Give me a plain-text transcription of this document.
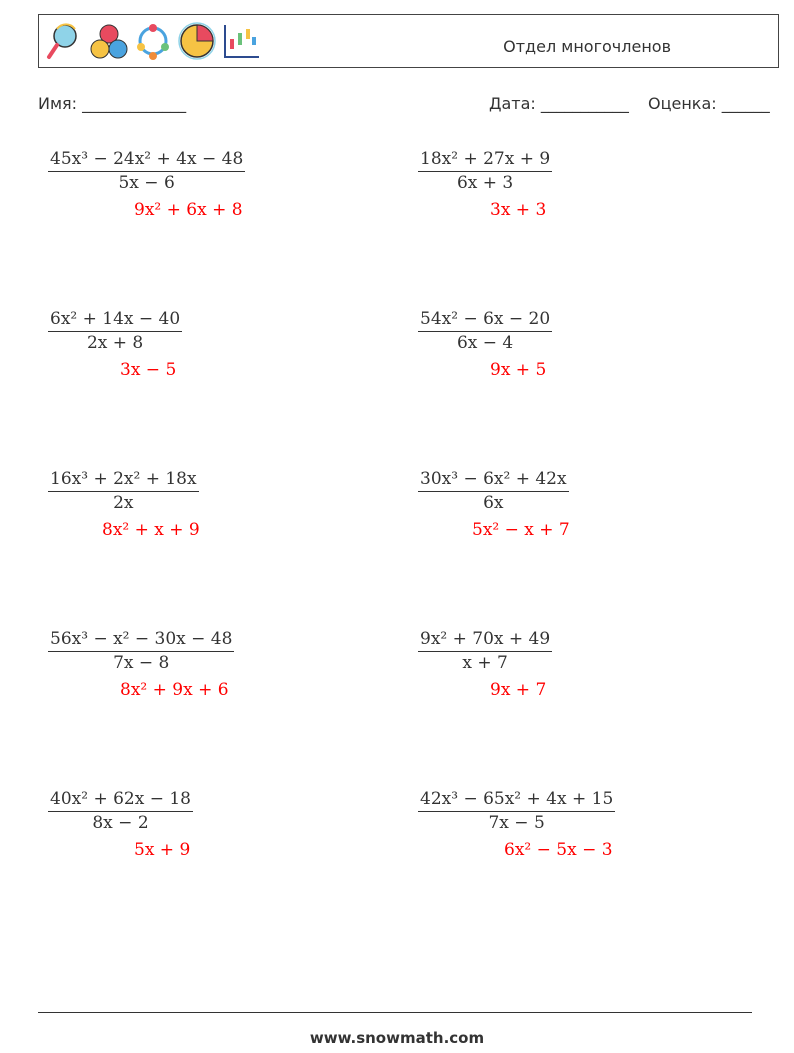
Отдел многочленов
Имя: _____________	Дата: ___________ Оценка: ______
45x³ − 24x² + 4x − 48
5x − 6
9x² + 6x + 8
18x² + 27x + 9
6x + 3
3x + 3
6x² + 14x − 40
2x + 8
3x − 5
54x² − 6x − 20
6x − 4
9x + 5
16x³ + 2x² + 18x
2x
8x² + x + 9
30x³ − 6x² + 42x
6x
5x² − x + 7
56x³ − x² − 30x − 48
7x − 8
8x² + 9x + 6
9x² + 70x + 49
x + 7
9x + 7
40x² + 62x − 18
8x − 2
5x + 9
42x³ − 65x² + 4x + 15
7x − 5
6x² − 5x − 3
www.snowmath.com
